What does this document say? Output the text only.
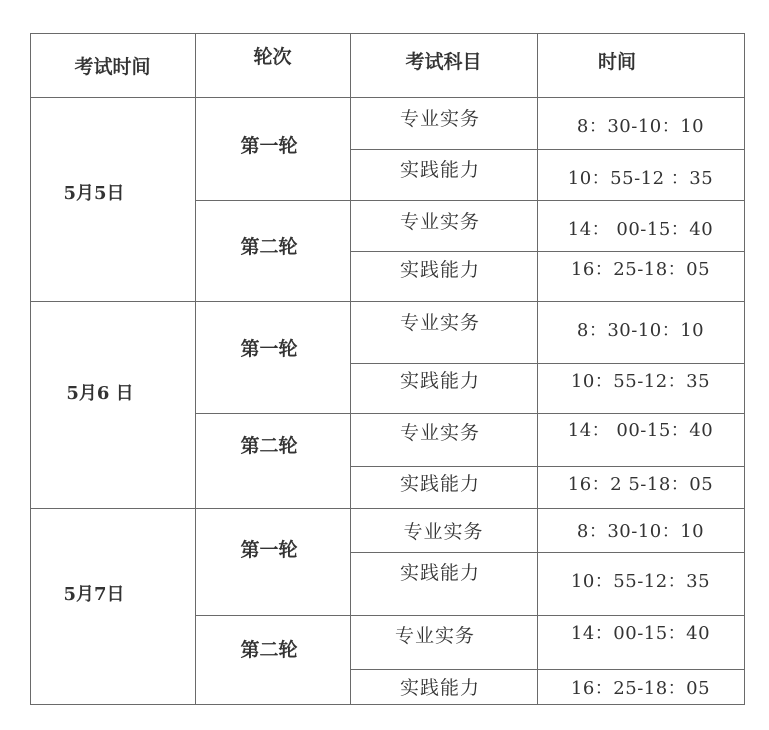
考试时间	轮次	考试科目	时间
5月5日
第一轮
专业实务	8：30-10：10
实践能力	10：55-12 ：35
第二轮
专业实务	14： 00-15：40
实践能力	16：25-18：05
5月6 日
第一轮
专业实务	8：30-10：10
实践能力	10：55-12：35
第二轮
专业实务	14： 00-15：40
实践能力	16：2 5-18：05
5月7日
第一轮
专业实务	8：30-10：10
实践能力	10：55-12：35
第二轮
专业实务	14：00-15：40
实践能力	16：25-18：05
